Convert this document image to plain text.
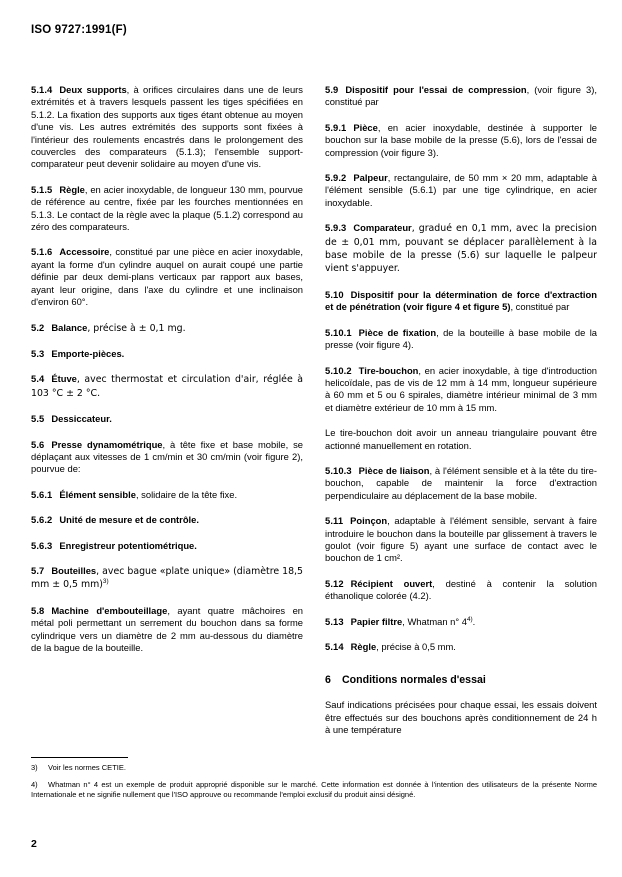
ISO 9727:1991(F)
5.1.4 Deux supports, à orifices circulaires dans une de leurs extrémités et à travers lesquels passent les tiges spécifiées en 5.1.2. La fixation des supports aux tiges étant obtenue au moyen d'une vis. Les autres extrémités des supports sont fixées à l'intérieur des roulements encastrés dans le prolongement des couvercles des comparateurs (5.1.3); l'ensemble support-comparateur peut devenir solidaire au moyen d'une vis.
5.1.5 Règle, en acier inoxydable, de longueur 130 mm, pourvue de référence au centre, fixée par les fourches mentionnées en 5.1.3. Le contact de la règle avec la plaque (5.1.2) correspond au zéro des comparateurs.
5.1.6 Accessoire, constitué par une pièce en acier inoxydable, ayant la forme d'un cylindre auquel on aurait coupé une partie définie par deux demi-plans verticaux par rapport aux bases, ayant leur origine, dans l'axe du cylindre et une inclinaison d'environ 60°.
5.2 Balance, précise à ± 0,1 mg.
5.3 Emporte-pièces.
5.4 Étuve, avec thermostat et circulation d'air, réglée à 103 °C ± 2 °C.
5.5 Dessiccateur.
5.6 Presse dynamométrique, à tête fixe et base mobile, se déplaçant aux vitesses de 1 cm/min et 30 cm/min (voir figure 2), pourvue de:
5.6.1 Élément sensible, solidaire de la tête fixe.
5.6.2 Unité de mesure et de contrôle.
5.6.3 Enregistreur potentiométrique.
5.7 Bouteilles, avec bague «plate unique» (diamètre 18,5 mm ± 0,5 mm)$^{3)}$
5.8 Machine d'embouteillage, ayant quatre mâchoires en métal poli permettant un serrement du bouchon dans sa forme cylindrique vers un diamètre de 2 mm au-dessous du diamètre de la bague de la bouteille.
5.9 Dispositif pour l'essai de compression, (voir figure 3), constitué par
5.9.1 Pièce, en acier inoxydable, destinée à supporter le bouchon sur la base mobile de la presse (5.6), lors de l'essai de compression (voir figure 3).
5.9.2 Palpeur, rectangulaire, de 50 mm × 20 mm, adaptable à l'élément sensible (5.6.1) par une tige cylindrique, en acier inoxydable.
5.9.3 Comparateur, gradué en 0,1 mm, avec la precision de ± 0,01 mm, pouvant se déplacer parallèlement à la base mobile de la presse (5.6) sur laquelle le palpeur vient s'appuyer.
5.10 Dispositif pour la détermination de force d'extraction et de pénétration (voir figure 4 et figure 5), constitué par
5.10.1 Pièce de fixation, de la bouteille à base mobile de la presse (voir figure 4).
5.10.2 Tire-bouchon, en acier inoxydable, à tige d'introduction helicoïdale, pas de vis de 12 mm à 14 mm, longueur supérieure à 60 mm et 5 ou 6 spirales, diamètre intérieur minimal de 3 mm et diamètre extérieur de 10 mm à 15 mm.
Le tire-bouchon doit avoir un anneau triangulaire pouvant être actionné manuellement en rotation.
5.10.3 Pièce de liaison, à l'élément sensible et à la tête du tire-bouchon, capable de maintenir la force d'extraction perpendiculaire au déplacement de la base mobile.
5.11 Poinçon, adaptable à l'élément sensible, servant à faire introduire le bouchon dans la bouteille par glissement à travers le goulot (voir figure 5) ayant une surface de contact avec le bouchon de 1 cm².
5.12 Récipient ouvert, destiné à contenir la solution éthanolique colorée (4.2).
5.13 Papier filtre, Whatman n° 4$^{4)}$.
5.14 Règle, précise à 0,5 mm.
6 Conditions normales d'essai
Sauf indications précisées pour chaque essai, les essais doivent être effectués sur des bouchons après conditionnement de 24 h à une température
3) Voir les normes CETIE.
4) Whatman n° 4 est un exemple de produit approprié disponible sur le marché. Cette information est donnée à l'intention des utilisateurs de la présente Norme Internationale et ne signifie nullement que l'ISO approuve ou recommande l'emploi exclusif du produit ainsi désigné.
2
